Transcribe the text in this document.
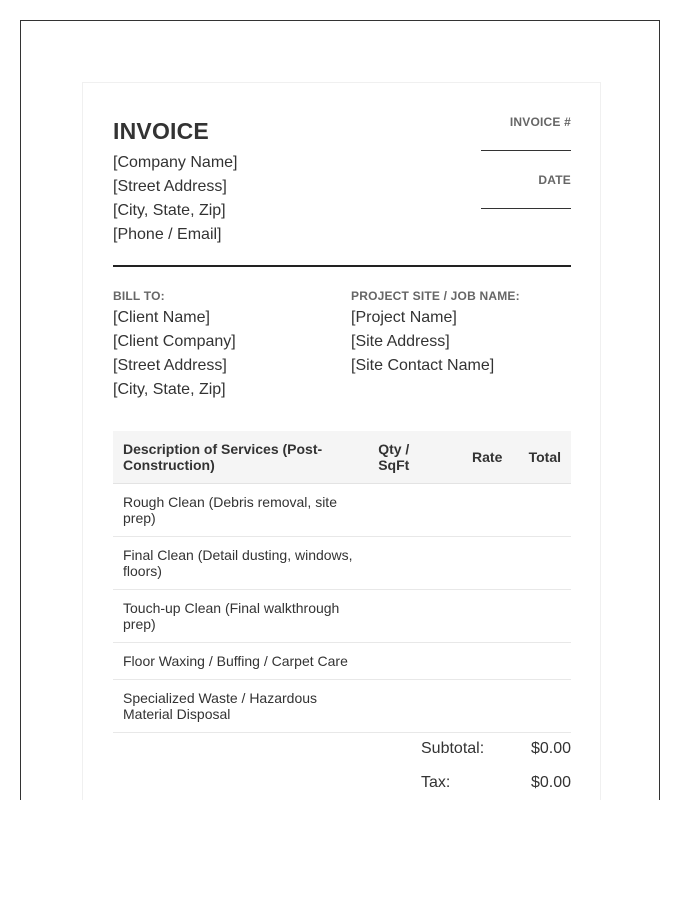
INVOICE
[Company Name]
[Street Address]
[City, State, Zip]
[Phone / Email]
INVOICE #
DATE
BILL TO:
[Client Name]
[Client Company]
[Street Address]
[City, State, Zip]
PROJECT SITE / JOB NAME:
[Project Name]
[Site Address]
[Site Contact Name]
Description of Services (Post-Construction)	Qty / SqFt	Rate	Total
Rough Clean (Debris removal, site prep)			
Final Clean (Detail dusting, windows, floors)			
Touch-up Clean (Final walkthrough prep)			
Floor Waxing / Buffing / Carpet Care			
Specialized Waste / Hazardous Material Disposal			
Subtotal:	$0.00
Tax:	$0.00
